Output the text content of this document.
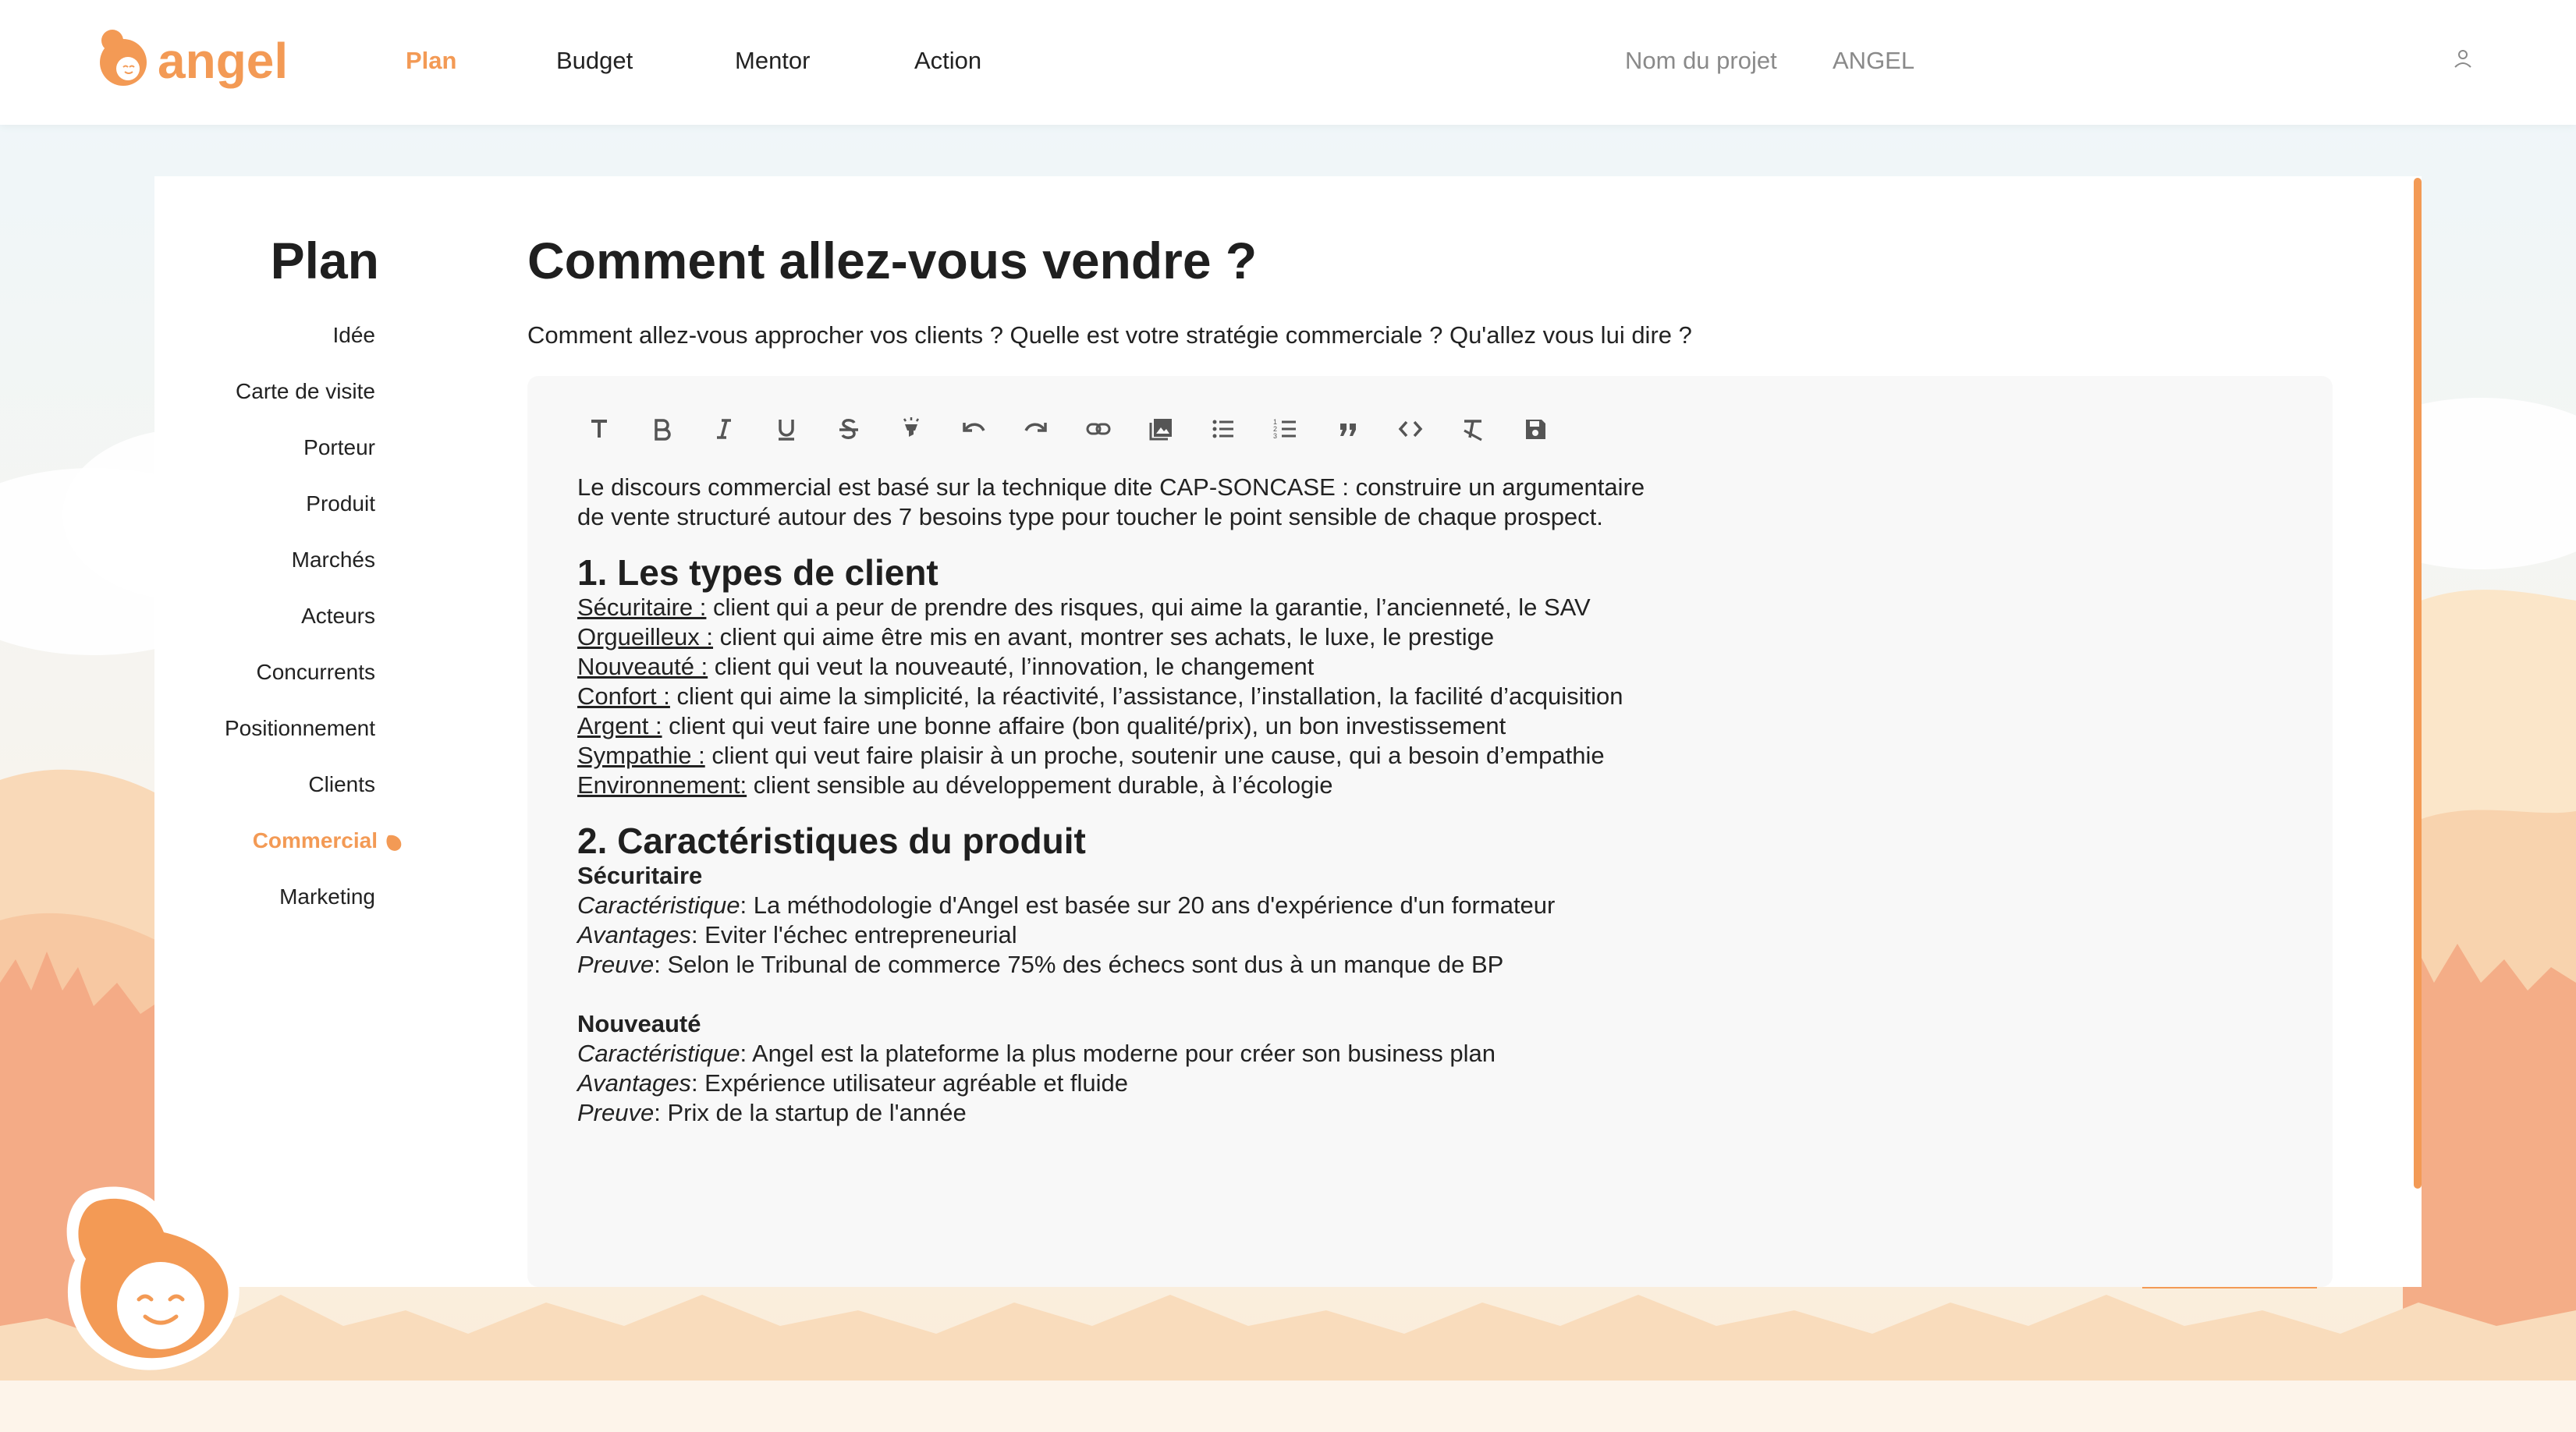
angel	Plan	Budget	Mentor	Action	Nom du projet ANGEL
Plan
Idée
Carte de visite
Porteur
Produit
Marchés
Acteurs
Concurrents
Positionnement
Clients
Commercial
Marketing
Comment allez-vous vendre ?
Comment allez-vous approcher vos clients ? Quelle est votre stratégie commerciale ? Qu'allez vous lui dire ?
1
2
3

Le discours commercial est basé sur la technique dite CAP-SONCASE : construire un argumentaire

de vente structuré autour des 7 besoins type pour toucher le point sensible de chaque prospect.

1. Les types de client

Sécuritaire : client qui a peur de prendre des risques, qui aime la garantie, l’ancienneté, le SAV

Orgueilleux : client qui aime être mis en avant, montrer ses achats, le luxe, le prestige

Nouveauté : client qui veut la nouveauté, l’innovation, le changement

Confort : client qui aime la simplicité, la réactivité, l’assistance, l’installation, la facilité d’acquisition

Argent : client qui veut faire une bonne affaire (bon qualité/prix), un bon investissement

Sympathie : client qui veut faire plaisir à un proche, soutenir une cause, qui a besoin d’empathie

Environnement: client sensible au développement durable, à l’écologie

2. Caractéristiques du produit

Sécuritaire

Caractéristique: La méthodologie d'Angel est basée sur 20 ans d'expérience d'un formateur

Avantages: Eviter l'échec entrepreneurial

Preuve: Selon le Tribunal de commerce 75% des échecs sont dus à un manque de BP

Nouveauté

Caractéristique: Angel est la plateforme la plus moderne pour créer son business plan

Avantages: Expérience utilisateur agréable et fluide

Preuve: Prix de la startup de l'année
